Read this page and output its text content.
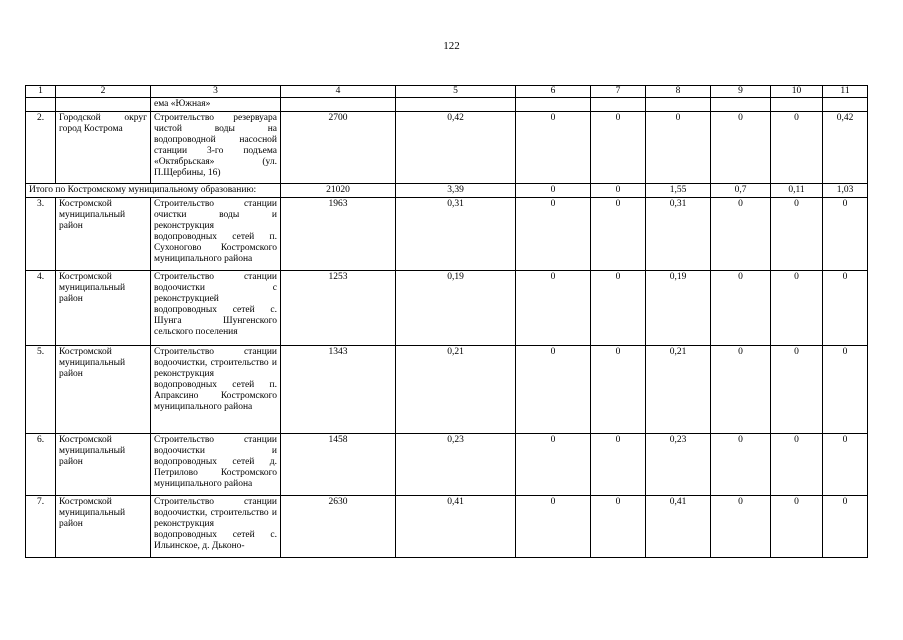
122
1	2	3	4	5	6	7	8	9	10	11
		ема «Южная»								
2.	Городской округ город Кострома	Строительство резервуара чистой воды на водопроводной насосной станции 3-го подъема «Октябрьская» (ул. П.Щербины, 16)	2700	0,42	0	0	0	0	0	0,42
Итого по Костромскому муниципальному образованию:			21020	3,39	0	0	1,55	0,7	0,11	1,03
3.	Костромской муниципальный район	Строительство станции очистки воды и реконструкция водопроводных сетей п. Сухоногово Костромского муниципального района	1963	0,31	0	0	0,31	0	0	0
4.	Костромской муниципальный район	Строительство станции водоочистки с реконструкцией водопроводных сетей с. Шунга Шунгенского сельского поселения	1253	0,19	0	0	0,19	0	0	0
5.	Костромской муниципальный район	Строительство станции водоочистки, строительство и реконструкция водопроводных сетей п. Апраксино Костромского муниципального района	1343	0,21	0	0	0,21	0	0	0
6.	Костромской муниципальный район	Строительство станции водоочистки и водопроводных сетей д. Петрилово Костромского муниципального района	1458	0,23	0	0	0,23	0	0	0
7.	Костромской муниципальный район	Строительство станции водоочистки, строительство и реконструкция водопроводных сетей с. Ильинское, д. Дьконо-	2630	0,41	0	0	0,41	0	0	0
